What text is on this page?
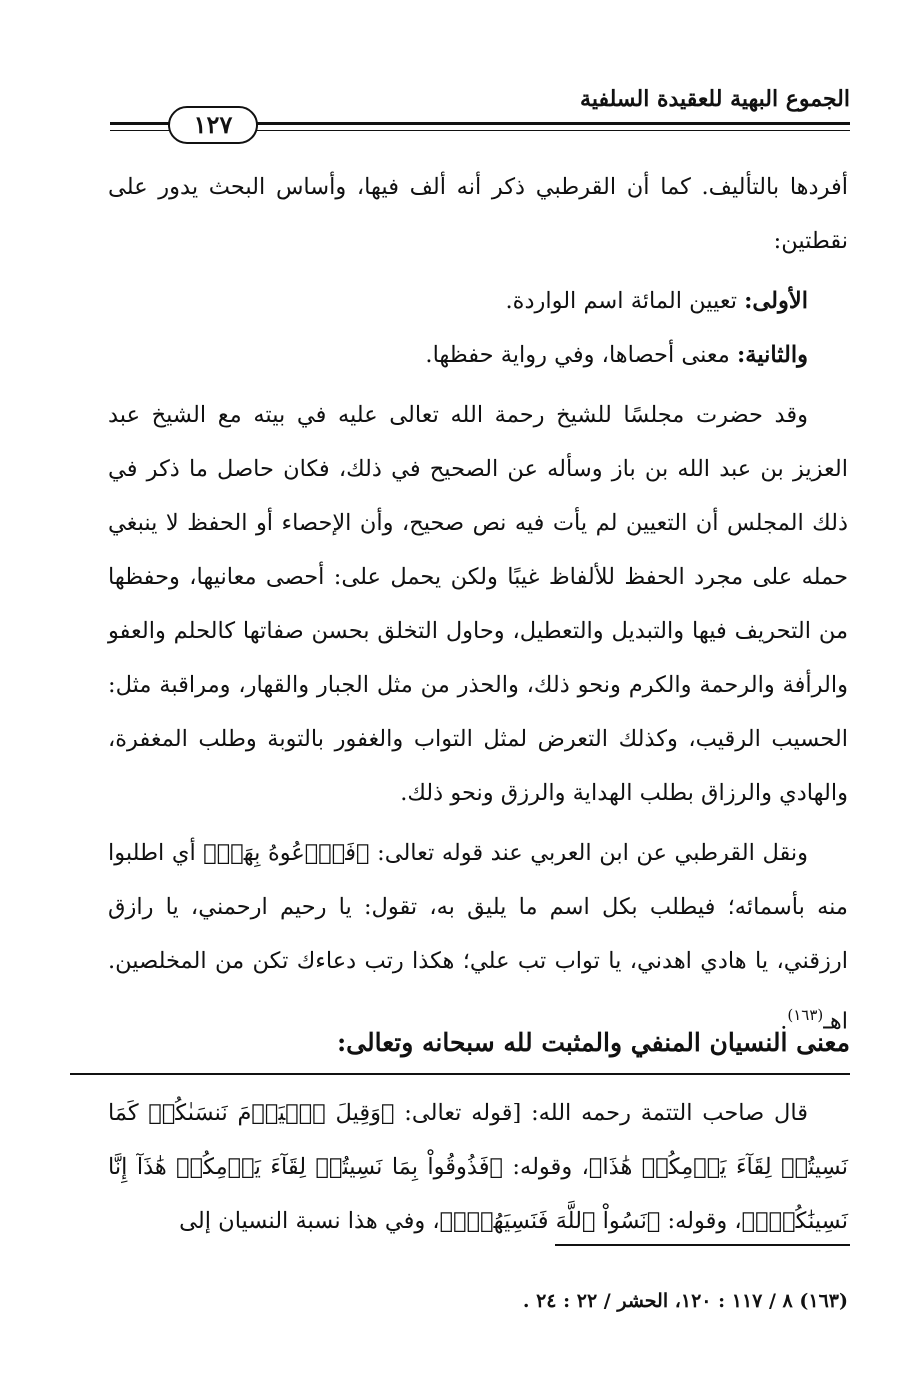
الجموع البهية للعقيدة السلفية
١٢٧

أفردها بالتأليف. كما أن القرطبي ذكر أنه ألف فيها، وأساس البحث يدور على نقطتين:

الأولى: تعيين المائة اسم الواردة.

والثانية: معنى أحصاها، وفي رواية حفظها.

وقد حضرت مجلسًا للشيخ رحمة الله تعالى عليه في بيته مع الشيخ عبد العزيز بن عبد الله بن باز وسأله عن الصحيح في ذلك، فكان حاصل ما ذكر في ذلك المجلس أن التعيين لم يأت فيه نص صحيح، وأن الإحصاء أو الحفظ لا ينبغي حمله على مجرد الحفظ للألفاظ غيبًا ولكن يحمل على: أحصى معانيها، وحفظها من التحريف فيها والتبديل والتعطيل، وحاول التخلق بحسن صفاتها كالحلم والعفو والرأفة والرحمة والكرم ونحو ذلك، والحذر من مثل الجبار والقهار، ومراقبة مثل: الحسيب الرقيب، وكذلك التعرض لمثل التواب والغفور بالتوبة وطلب المغفرة، والهادي والرزاق بطلب الهداية والرزق ونحو ذلك.

ونقل القرطبي عن ابن العربي عند قوله تعالى: ﴿فَٱدۡعُوهُ بِهَاۖ﴾ أي اطلبوا منه بأسمائه؛ فيطلب بكل اسم ما يليق به، تقول: يا رحيم ارحمني، يا رازق ارزقني، يا هادي اهدني، يا تواب تب علي؛ هكذا رتب دعاءك تكن من المخلصين. اهـ$^{(١٦٣)}$.

معنى النسيان المنفي والمثبت لله سبحانه وتعالى:

قال صاحب التتمة رحمه الله: [قوله تعالى: ﴿وَقِيلَ ٱلۡيَوۡمَ نَنسَىٰكُمۡ كَمَا نَسِيتُمۡ لِقَآءَ يَوۡمِكُمۡ هَٰذَا﴾، وقوله: ﴿فَذُوقُواْ بِمَا نَسِيتُمۡ لِقَآءَ يَوۡمِكُمۡ هَٰذَآ إِنَّا نَسِينَٰكُمۡۖ﴾، وقوله: ﴿نَسُواْ ٱللَّهَ فَنَسِيَهُمۡۚ﴾، وفي هذا نسبة النسيان إلى

(١٦٣) ٨ / ١١٧ : ١٢٠، الحشر / ٢٢ : ٢٤ .
